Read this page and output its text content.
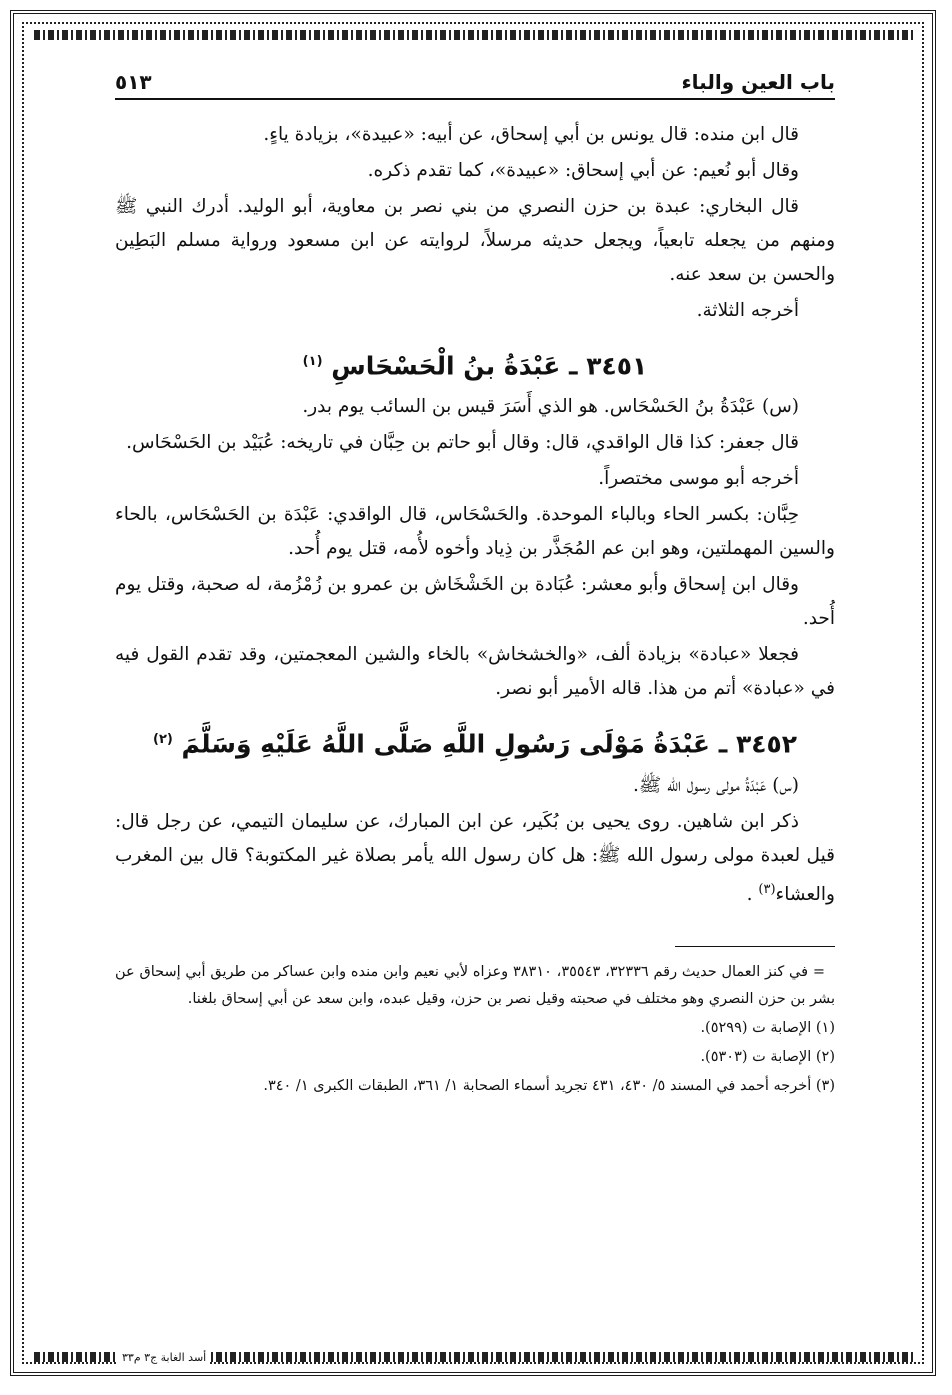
باب العين والباء
٥١٣

قال ابن منده: قال يونس بن أبي إسحاق، عن أبيه: «عبيدة»، بزيادة ياءٍ.

وقال أبو نُعيم: عن أبي إسحاق: «عبيدة»، كما تقدم ذكره.

قال البخاري: عبدة بن حزن النصري من بني نصر بن معاوية، أبو الوليد. أدرك النبي ﷺ ومنهم من يجعله تابعياً، ويجعل حديثه مرسلاً، لروايته عن ابن مسعود ورواية مسلم البَطِين والحسن بن سعد عنه.

أخرجه الثلاثة.

٣٤٥١ ـ عَبْدَةُ بنُ الْحَسْحَاسِ $^{(١)}$

(س) عَبْدَةُ بنُ الحَسْحَاس. هو الذي أَسَرَ قيس بن السائب يوم بدر.

قال جعفر: كذا قال الواقدي، قال: وقال أبو حاتم بن حِبَّان في تاريخه: عُبَيْد بن الحَسْحَاس.

أخرجه أبو موسى مختصراً.

حِبَّان: بكسر الحاء وبالباء الموحدة. والحَسْحَاس، قال الواقدي: عَبْدَة بن الحَسْحَاس، بالحاء والسين المهملتين، وهو ابن عم المُجَذَّر بن ذِياد وأخوه لأُمه، قتل يوم أُحد.

وقال ابن إسحاق وأبو معشر: عُبَادة بن الخَشْخَاش بن عمرو بن زُمْزُمة، له صحبة، وقتل يوم أُحد.

فجعلا «عبادة» بزيادة ألف، «والخشخاش» بالخاء والشين المعجمتين، وقد تقدم القول فيه في «عبادة» أتم من هذا. قاله الأمير أبو نصر.

٣٤٥٢ ـ عَبْدَةُ مَوْلَى رَسُولِ اللَّهِ صَلَّى اللَّهُ عَلَيْهِ وَسَلَّمَ $^{(٢)}$

(س) عَبْدَةُ مولى رسول الله ﷺ.

ذكر ابن شاهين. روى يحيى بن بُكَير، عن ابن المبارك، عن سليمان التيمي، عن رجل قال: قيل لعبدة مولى رسول الله ﷺ: هل كان رسول الله يأمر بصلاة غير المكتوبة؟ قال بين المغرب والعشاء$^{(٣)}$ .

= في كنز العمال حديث رقم ٣٢٣٣٦، ٣٥٥٤٣، ٣٨٣١٠ وعزاه لأبي نعيم وابن منده وابن عساكر من طريق أبي إسحاق عن بشر بن حزن النصري وهو مختلف في صحبته وقيل نصر بن حزن، وقيل عبده، وابن سعد عن أبي إسحاق بلغنا.

(١) الإصابة ت (٥٢٩٩).

(٢) الإصابة ت (٥٣٠٣).

(٣) أخرجه أحمد في المسند ٥/ ٤٣٠، ٤٣١ تجريد أسماء الصحابة ١/ ٣٦١، الطبقات الكبرى ١/ ٣٤٠.

أسد الغابة ج٣ م٣٣
